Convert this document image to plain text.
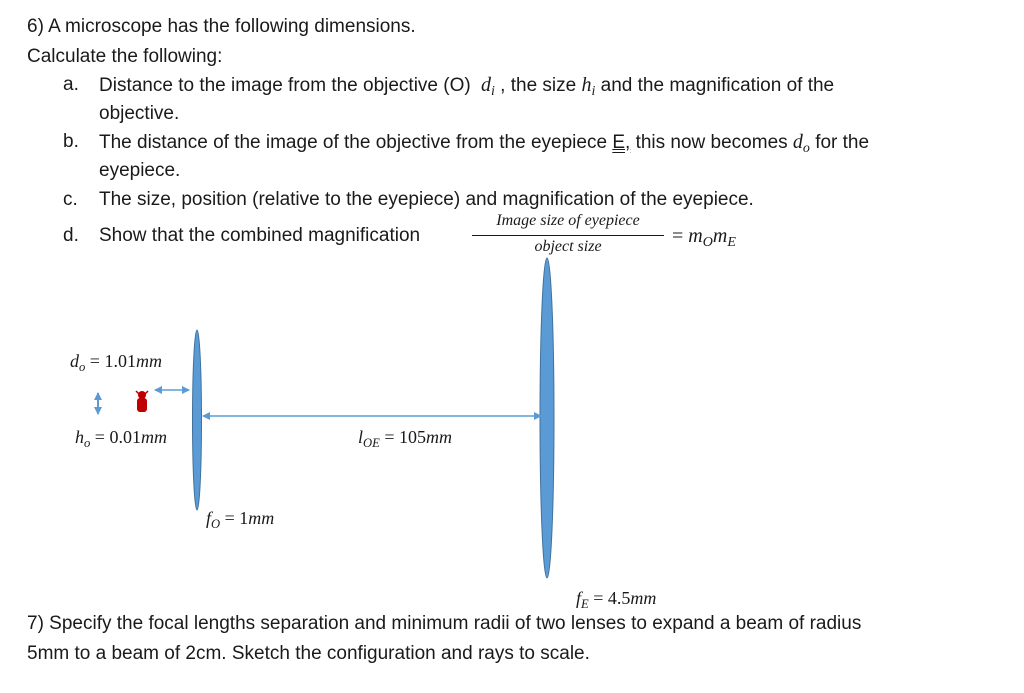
6) A microscope has the following dimensions.
Calculate the following:
a.	Distance to the image from the objective (O) $d_i$ , the size $h_i$ and the magnification of the
objective.
b.	The distance of the image of the objective from the eyepiece E, this now becomes $d_o$ for the
eyepiece.
c.	The size, position (relative to the eyepiece) and magnification of the eyepiece.
d.	Show that the combined magnification
Image size of eyepiece
object size	= $m_Om_E$
$d_o = 1.01mm$
$h_o = 0.01mm$	$l_{OE} = 105mm$
$f_O = 1mm$
$f_E = 4.5mm$
7) Specify the focal lengths separation and minimum radii of two lenses to expand a beam of radius
5mm to a beam of 2cm. Sketch the configuration and rays to scale.
